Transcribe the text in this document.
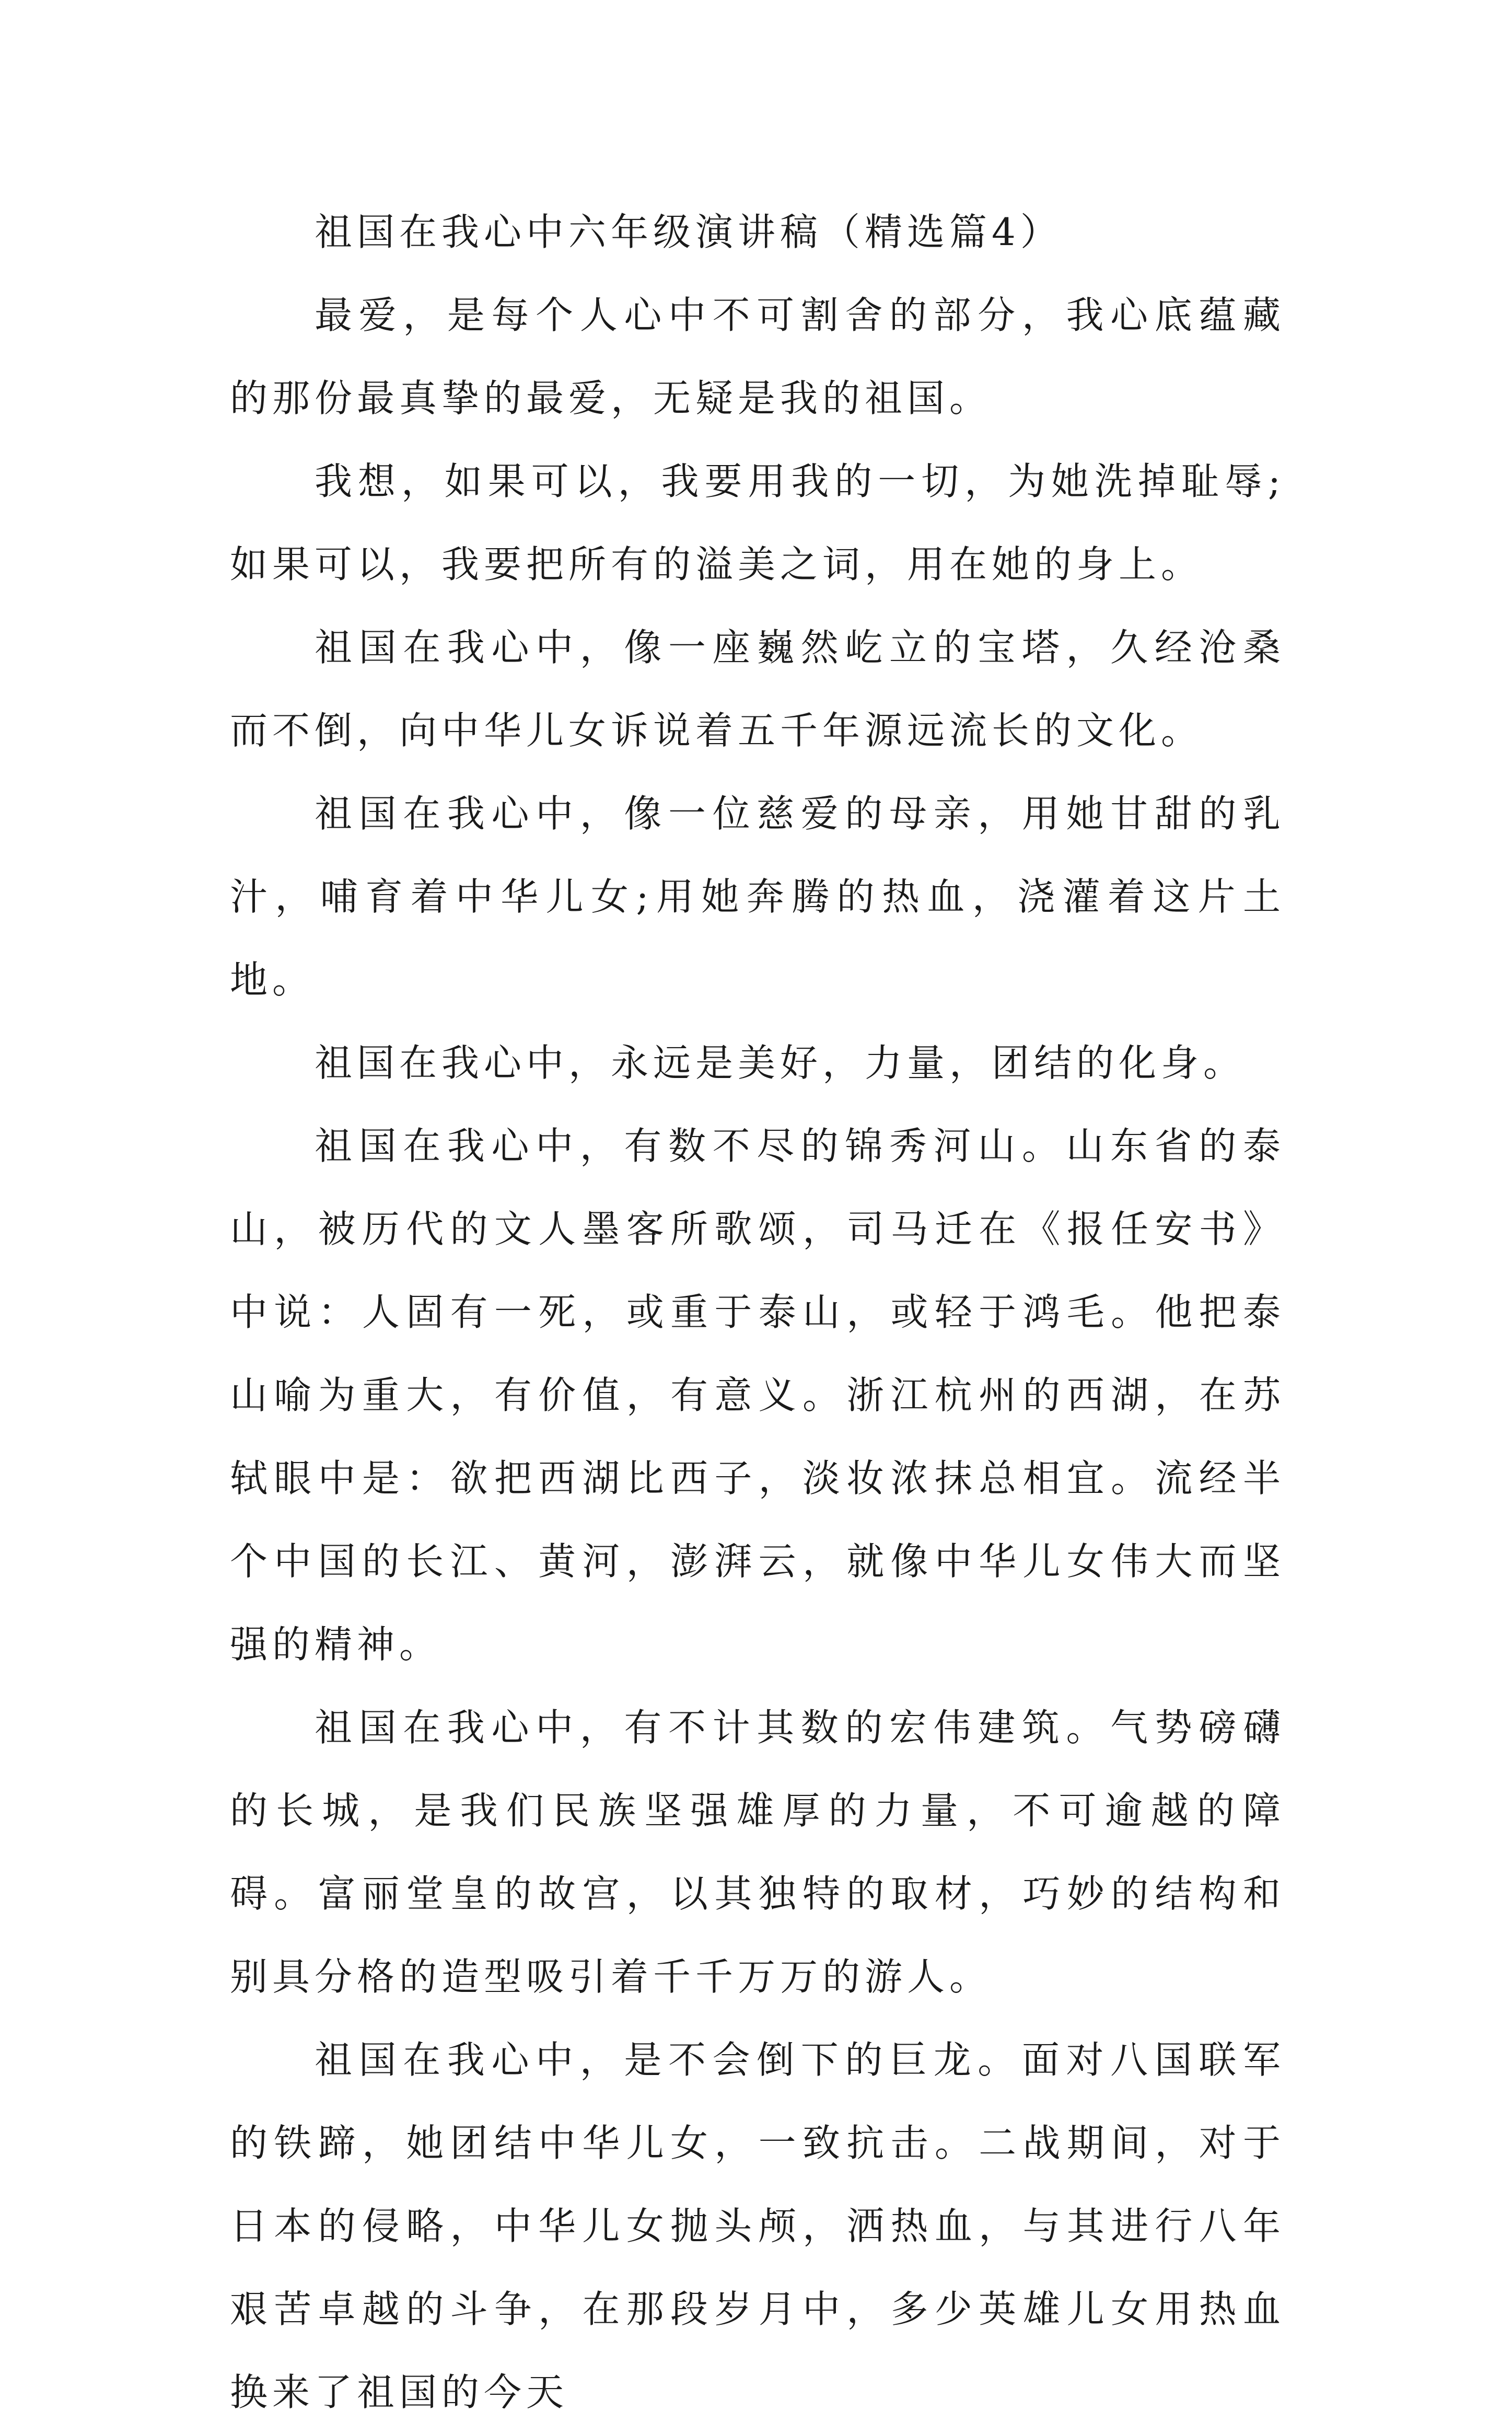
祖国在我心中六年级演讲稿（精选篇4）

最爱，是每个人心中不可割舍的部分，我心底蕴藏的那份最真挚的最爱，无疑是我的祖国。

我想，如果可以，我要用我的一切，为她洗掉耻辱;如果可以，我要把所有的溢美之词，用在她的身上。

祖国在我心中，像一座巍然屹立的宝塔，久经沧桑而不倒，向中华儿女诉说着五千年源远流长的文化。

祖国在我心中，像一位慈爱的母亲，用她甘甜的乳汁，哺育着中华儿女;用她奔腾的热血，浇灌着这片土地。

祖国在我心中，永远是美好，力量，团结的化身。

祖国在我心中，有数不尽的锦秀河山。山东省的泰山，被历代的文人墨客所歌颂，司马迁在《报任安书》中说：人固有一死，或重于泰山，或轻于鸿毛。他把泰山喻为重大，有价值，有意义。浙江杭州的西湖，在苏轼眼中是：欲把西湖比西子，淡妆浓抹总相宜。流经半个中国的长江、黄河，澎湃云，就像中华儿女伟大而坚强的精神。

祖国在我心中，有不计其数的宏伟建筑。气势磅礴的长城，是我们民族坚强雄厚的力量，不可逾越的障碍。富丽堂皇的故宫，以其独特的取材，巧妙的结构和别具分格的造型吸引着千千万万的游人。

祖国在我心中，是不会倒下的巨龙。面对八国联军的铁蹄，她团结中华儿女，一致抗击。二战期间，对于日本的侵略，中华儿女抛头颅，洒热血，与其进行八年艰苦卓越的斗争，在那段岁月中，多少英雄儿女用热血换来了祖国的今天
